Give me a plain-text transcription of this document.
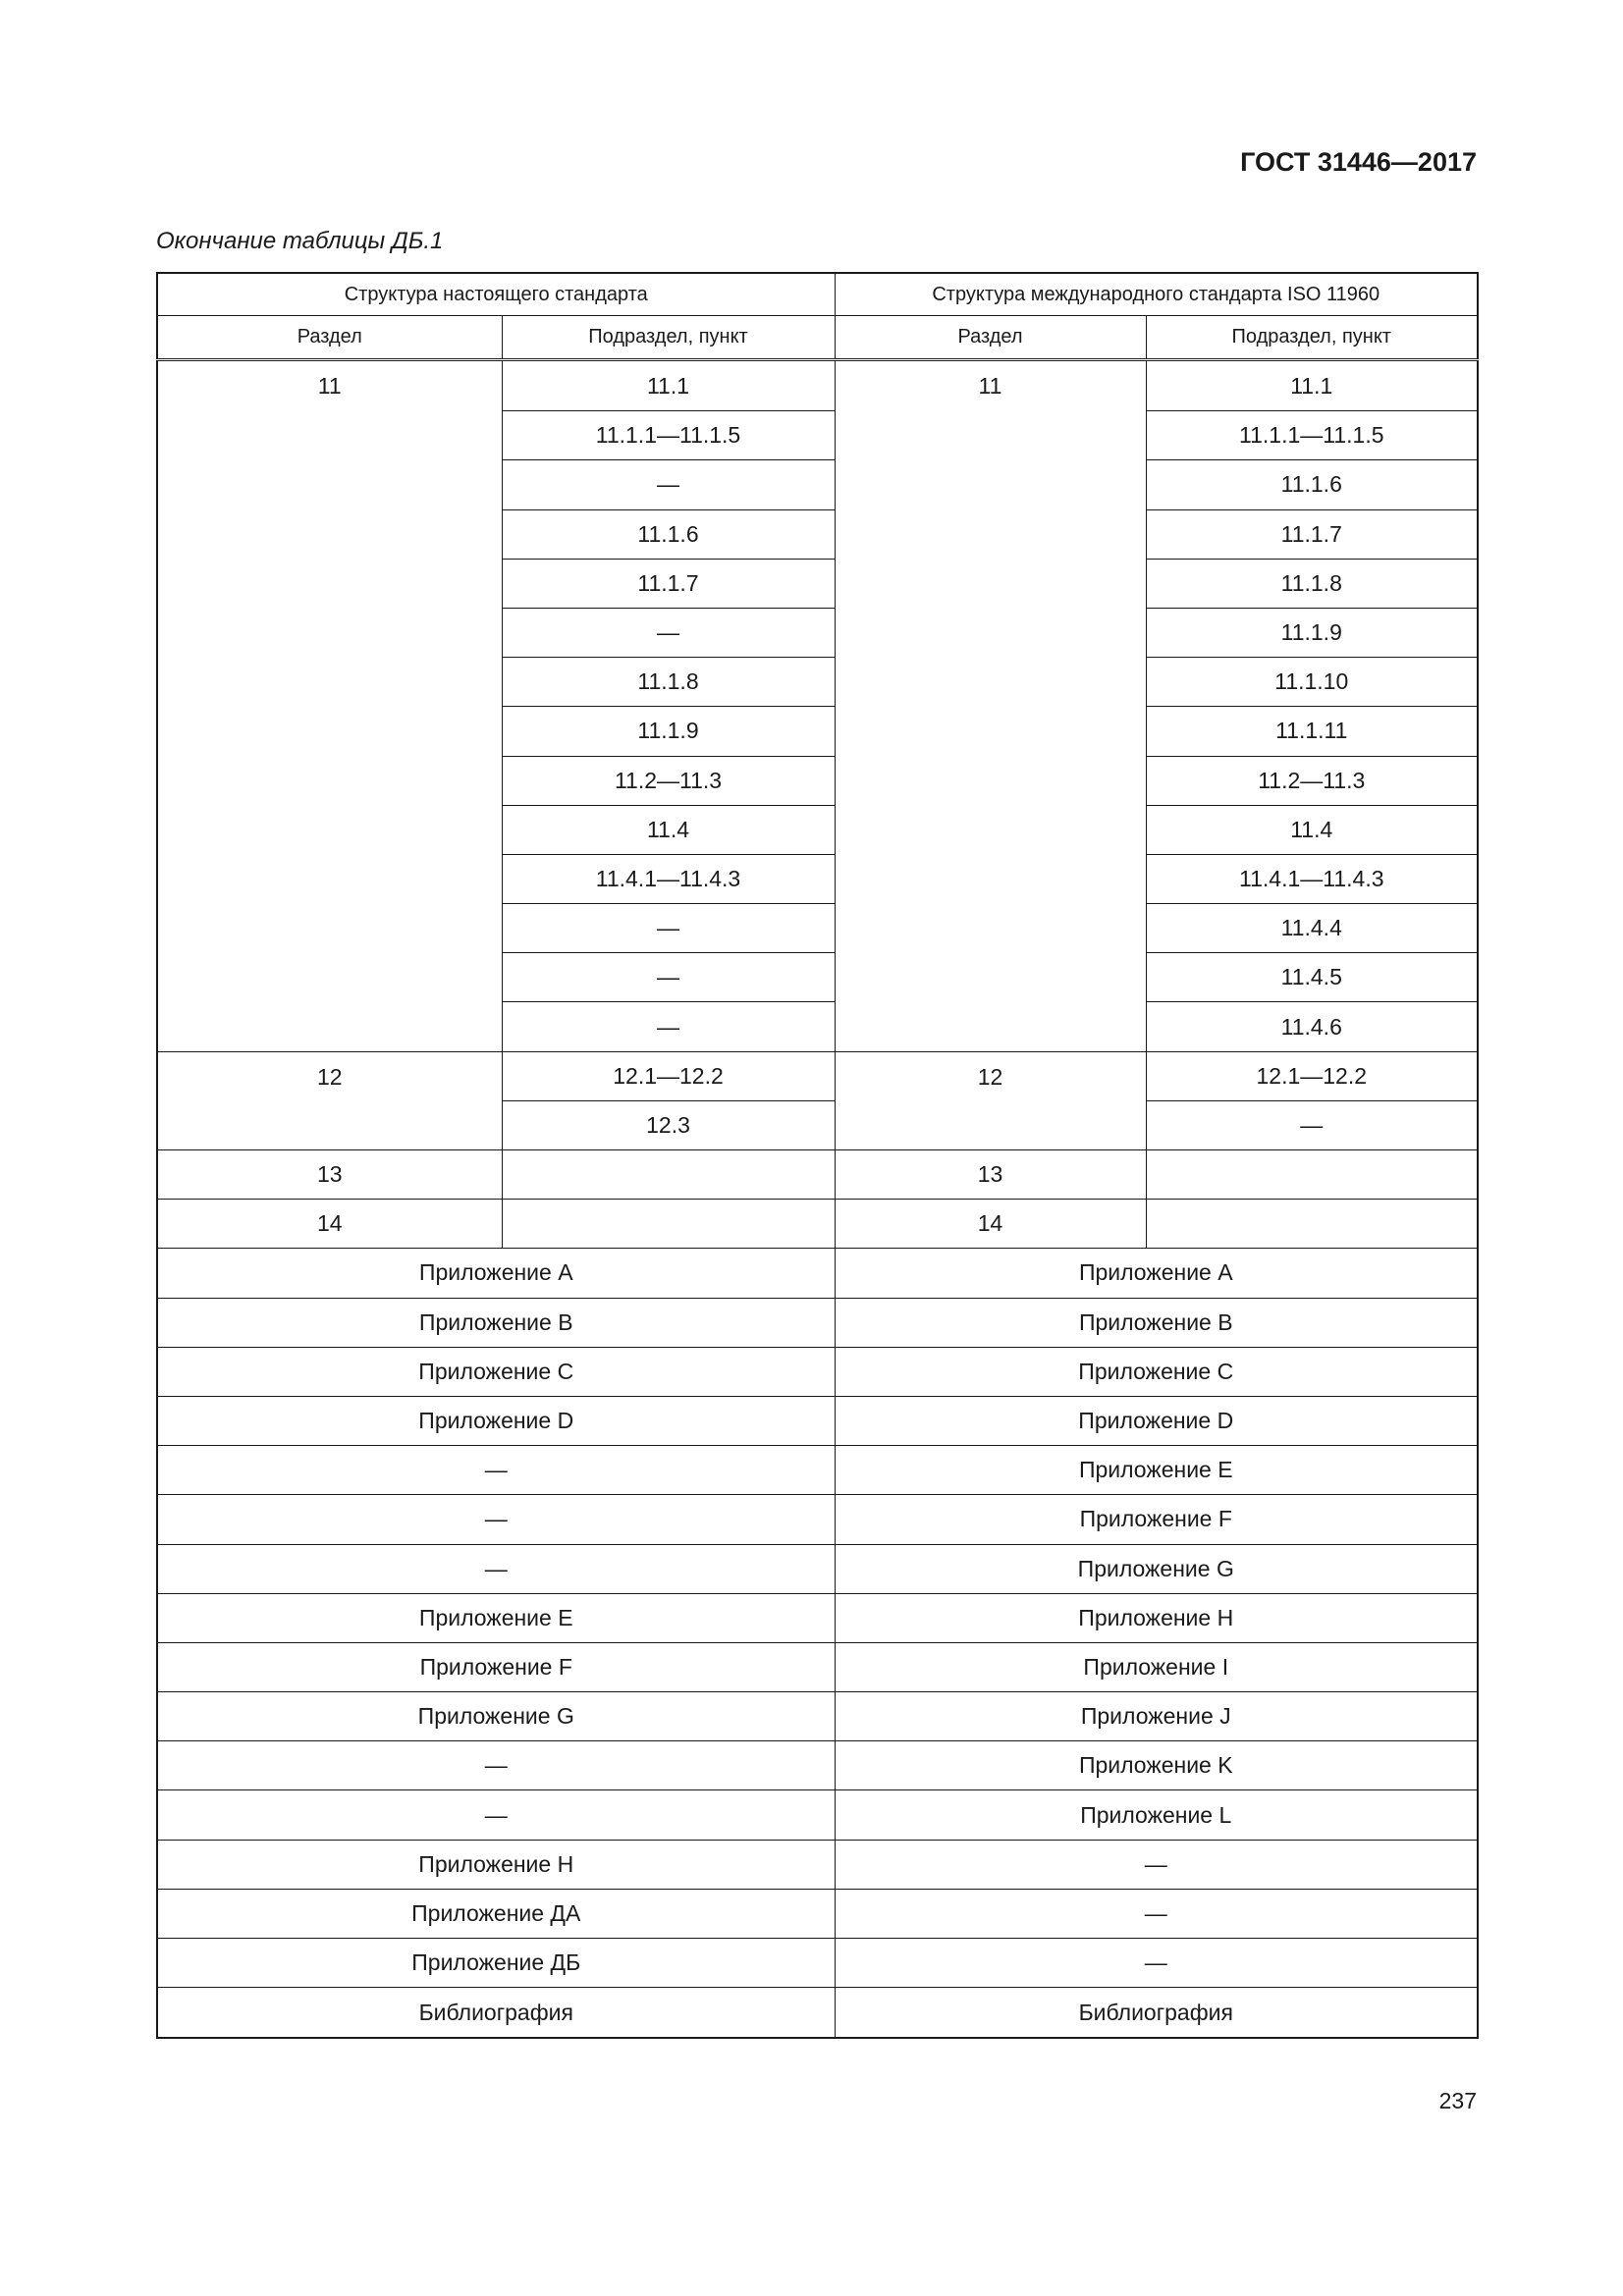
ГОСТ 31446—2017
Окончание таблицы ДБ.1
Структура настоящего стандарта		Структура международного стандарта ISO 11960	
Раздел	Подраздел, пункт	Раздел	Подраздел, пункт
11	11.1	11	11.1
	11.1.1—11.1.5		11.1.1—11.1.5
	—		11.1.6
	11.1.6		11.1.7
	11.1.7		11.1.8
	—		11.1.9
	11.1.8		11.1.10
	11.1.9		11.1.11
	11.2—11.3		11.2—11.3
	11.4		11.4
	11.4.1—11.4.3		11.4.1—11.4.3
	—		11.4.4
	—		11.4.5
	—		11.4.6
12	12.1—12.2	12	12.1—12.2
	12.3		—
13		13	
14		14	
Приложение А		Приложение А	
Приложение В		Приложение В	
Приложение С		Приложение С	
Приложение D		Приложение D	
—		Приложение E	
—		Приложение F	
—		Приложение G	
Приложение E		Приложение H	
Приложение F		Приложение I	
Приложение G		Приложение J	
—		Приложение K	
—		Приложение L	
Приложение Н		—	
Приложение ДА		—	
Приложение ДБ		—	
Библиография		Библиография	
237
